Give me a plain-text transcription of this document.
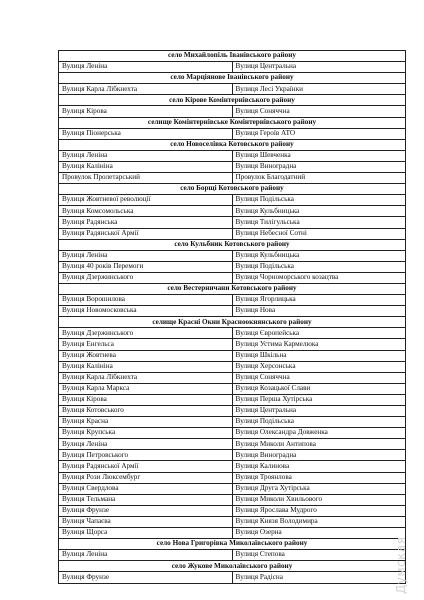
село Михайлопіль Іванівського району	
Вулиця Леніна	Вулиця Центральна
село Марціянове Іванівського району	
Вулиця Карла Лібкнехта	Вулиця Лесі Українки
село Кірове Комінтернівського району	
Вулиця Кірова	Вулиця Соняччна
селище Комінтернівське Комінтернівського району	
Вулиця Піонерська	Вулиця Героїв АТО
село Новоселівка Котовського району	
Вулиця Леніна	Вулиця Шевченка
Вулиця Калініна	Вулиця Виноградна
Провулок Пролетарський	Провулок Благодатний
село Борщі Котовського району	
Вулиця Жовтневої революції	Вулиця Подільська
Вулиця Комсомольська	Вулиця Кульбницька
Вулиця Радянська	Вулиця Тилігульська
Вулиця Радянської Армії	Вулиця Небесної Сотні
село Кульбник Котовського району	
Вулиця Леніна	Вулиця Кульбницька
Вулиця 40 років Перемоги	Вулиця Подільська
Вулиця Дзержинського	Вулиця Чорноморського козацтва
село Вестерничани Котовського району	
Вулиця Ворошилова	Вулиця Ягорлицька
Вулиця Новомосковська	Вулиця Нова
селище Красні Окни Красноокнянського району	
Вулиця Дзержинського	Вулиця Європейська
Вулиця Енгельса	Вулиця Устима Кармелюка
Вулиця Жовтнева	Вулиця Шкільна
Вулиця Калініна	Вулиця Херсонська
Вулиця Карла Лібкнехта	Вулиця Соняччна
Вулиця Карла Маркса	Вулиця Козацької Слави
Вулиця Кірова	Вулиця Перша Хутірська
Вулиця Котовського	Вулиця Центральна
Вулиця Красна	Вулиця Подільська
Вулиця Крупська	Вулиця Олександра Довженка
Вулиця Леніна	Вулиця Миколи Антипова
Вулиця Петровського	Вулиця Виноградна
Вулиця Радянської Армії	Вулиця Калинова
Вулиця Рози Люксембург	Вулиця Троянлова
Вулиця Свердлова	Вулиця Друга Хутірська
Вулиця Тельмана	Вулиця Миколи Хвильового
Вулиця Фрунзе	Вулиця Ярослава Мудрого
Вулиця Чапаєва	Вулиця Князя Володимира
Вулиця Щорса	Вулиця Озерна
село Нова Григорівка Миколаївського району	
Вулиця Леніна	Вулиця Степова
село Жукове Миколаївського району	
Вулиця Фрунзе	Вулиця Радісна	Думская
